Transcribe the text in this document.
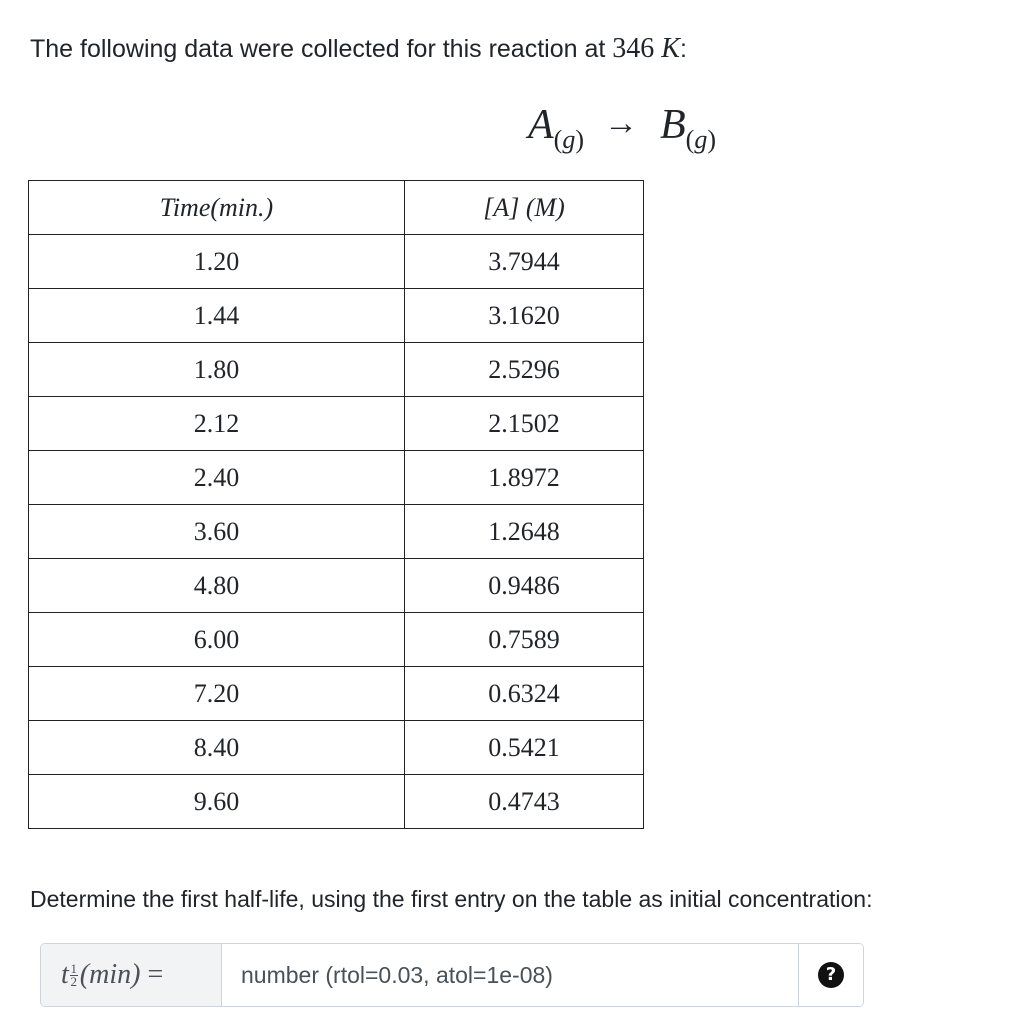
The following data were collected for this reaction at 346 K:
$A_{(g)} \to B_{(g)}$
Time(min.)	[A] (M)
1.20	3.7944
1.44	3.1620
1.80	2.5296
2.12	2.1502
2.40	1.8972
3.60	1.2648
4.80	0.9486
6.00	0.7589
7.20	0.6324
8.40	0.5421
9.60	0.4743
Determine the first half-life, using the first entry on the table as initial concentration:
t $\frac{1}{2} (\min)$
=
number (rtol=0.03, atol=1e-08)	?
